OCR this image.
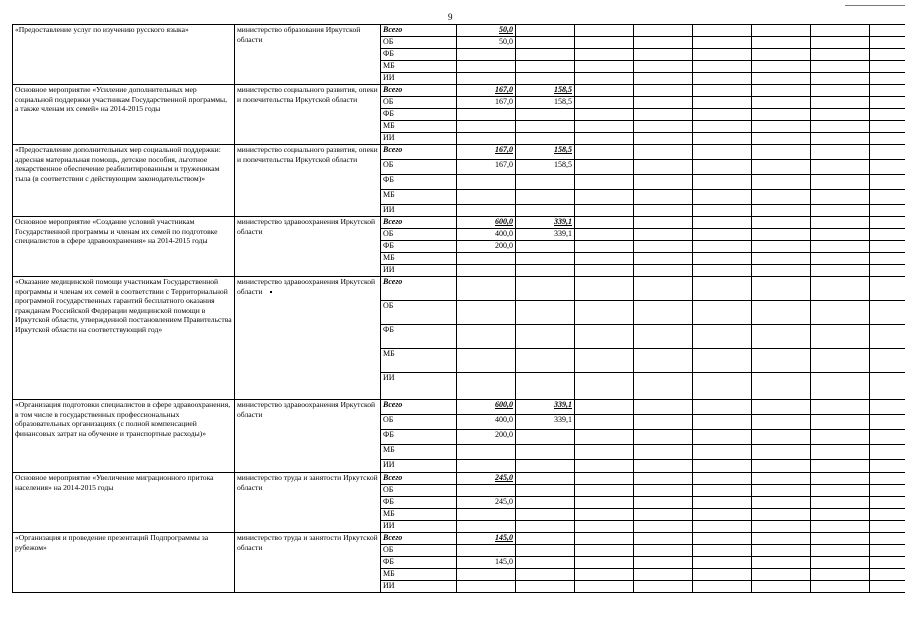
9
«Предоставление услуг по изучению русского языка»	министерство образования Иркутской области	Всего	50,0										
		ОБ	50,0										
		ФБ											
		МБ											
		ИИ											
Основное мероприятие «Усиление дополнительных мер социальной поддержки участникам Государственной программы, а также членам их семей» на 2014-2015 годы	министерство социального развития, опеки и попечительства Иркутской области	Всего	167,0	158,5									
		ОБ	167,0	158,5									
		ФБ											
		МБ											
		ИИ											
«Предоставление дополнительных мер социальной поддержки: адресная материальная помощь, детские пособия, льготное лекарственное обеспечение реабилитированным и труженикам тыла (в соответствии с действующим законодательством)»	министерство социального развития, опеки и попечительства Иркутской области	Всего	167,0	158,5									
		ОБ	167,0	158,5									
		ФБ											
		МБ											
		ИИ											
Основное мероприятие «Создание условий участникам Государственной программы и членам их семей по подготовке специалистов в сфере здравоохранения» на 2014-2015 годы	министерство здравоохранения Иркутской области	Всего	600,0	339,1									
		ОБ	400,0	339,1									
		ФБ	200,0										
		МБ											
		ИИ											
«Оказание медицинской помощи участникам Государственной программы и членам их семей в соответствии с Территориальной программой государственных гарантий бесплатного оказания гражданам Российской Федерации медицинской помощи в Иркутской области, утвержденной постановлением Правительства Иркутской области на соответствующий год»	министерство здравоохранения Иркутской области	Всего											
		ОБ											
		ФБ											
		МБ											
		ИИ											
«Организация подготовки специалистов в сфере здравоохранения, в том числе в государственных профессиональных образовательных организациях (с полной компенсацией финансовых затрат на обучение и транспортные расходы)»	министерство здравоохранения Иркутской области	Всего	600,0	339,1									
		ОБ	400,0	339,1									
		ФБ	200,0										
		МБ											
		ИИ											
Основное мероприятие «Увеличение миграционного притока населения» на 2014-2015 годы	министерство труда и занятости Иркутской области	Всего	245,0										
		ОБ											
		ФБ	245,0										
		МБ											
		ИИ											
«Организация и проведение презентаций Подпрограммы за рубежом»	министерство труда и занятости Иркутской области	Всего	145,0										
		ОБ											
		ФБ	145,0										
		МБ											
		ИИ											
